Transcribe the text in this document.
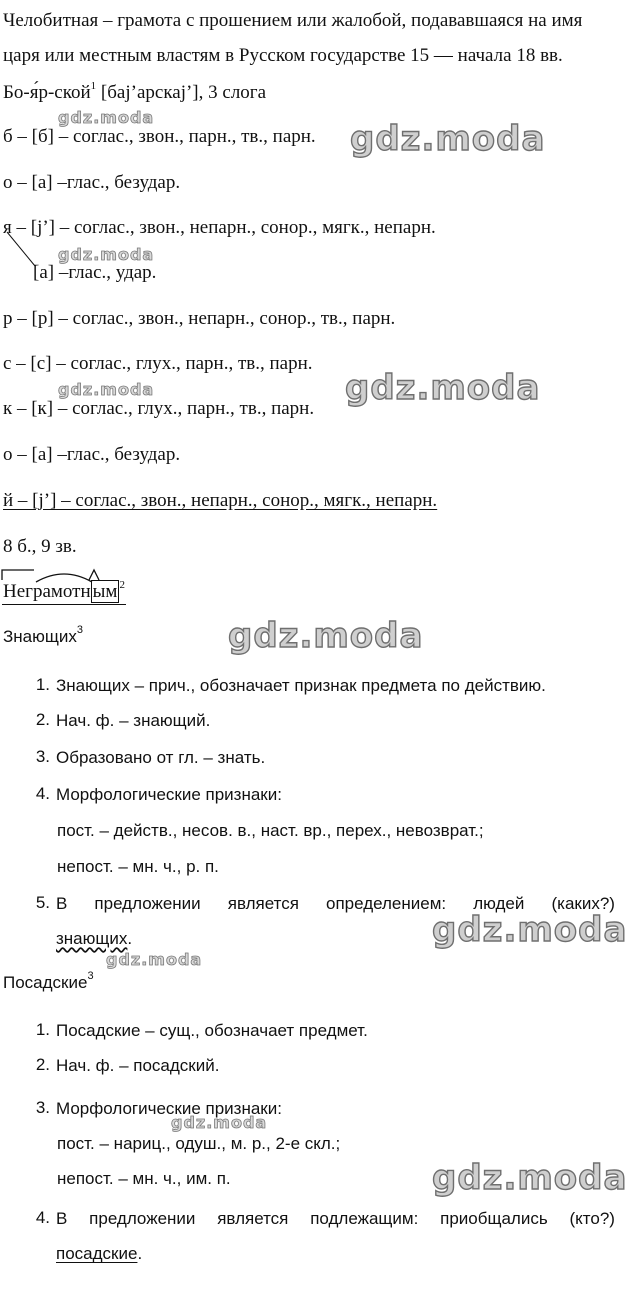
Челобитная – грамота с прошением или жалобой, подававшаяся на имя
царя или местным властям в Русском государстве 15 — начала 18 вв.
Бо-я́р-ской$^1$ [бaj’арскаj’], 3 слога
б – [б] – соглас., звон., парн., тв., парн.
о – [а] –глас., безудар.
я – [j’] – соглас., звон., непарн., сонор., мягк., непарн.
[а] –глас., удар.
р – [р] – соглас., звон., непарн., сонор., тв., парн.
с – [с] – соглас., глух., парн., тв., парн.
к – [к] – соглас., глух., парн., тв., парн.
о – [а] –глас., безудар.
й – [j’] – соглас., звон., непарн., сонор., мягк., непарн.
8 б., 9 зв.
Неграмотн ым $^2$
Знающих$^3$
1. Знающих – прич., обозначает признак предмета по действию.
2. Нач. ф. – знающий.
3. Образовано от гл. – знать.
4. Морфологические признаки:
пост. – действ., несов. в., наст. вр., перех., невозврат.;
непост. – мн. ч., р. п.
5. В предложении является определением: людей (каких?)
знающих.
Посадские$^3$
1. Посадские – сущ., обозначает предмет.
2. Нач. ф. – посадский.
3. Морфологические признаки:
пост. – нариц., одуш., м. р., 2-е скл.;
непост. – мн. ч., им. п.
4. В предложении является подлежащим: приобщались (кто?)
посадские.
gdz.moda
gdz.moda
gdz.moda
gdz.moda
gdz.moda
gdz.moda
gdz.moda
gdz.moda
gdz.moda
gdz.moda
